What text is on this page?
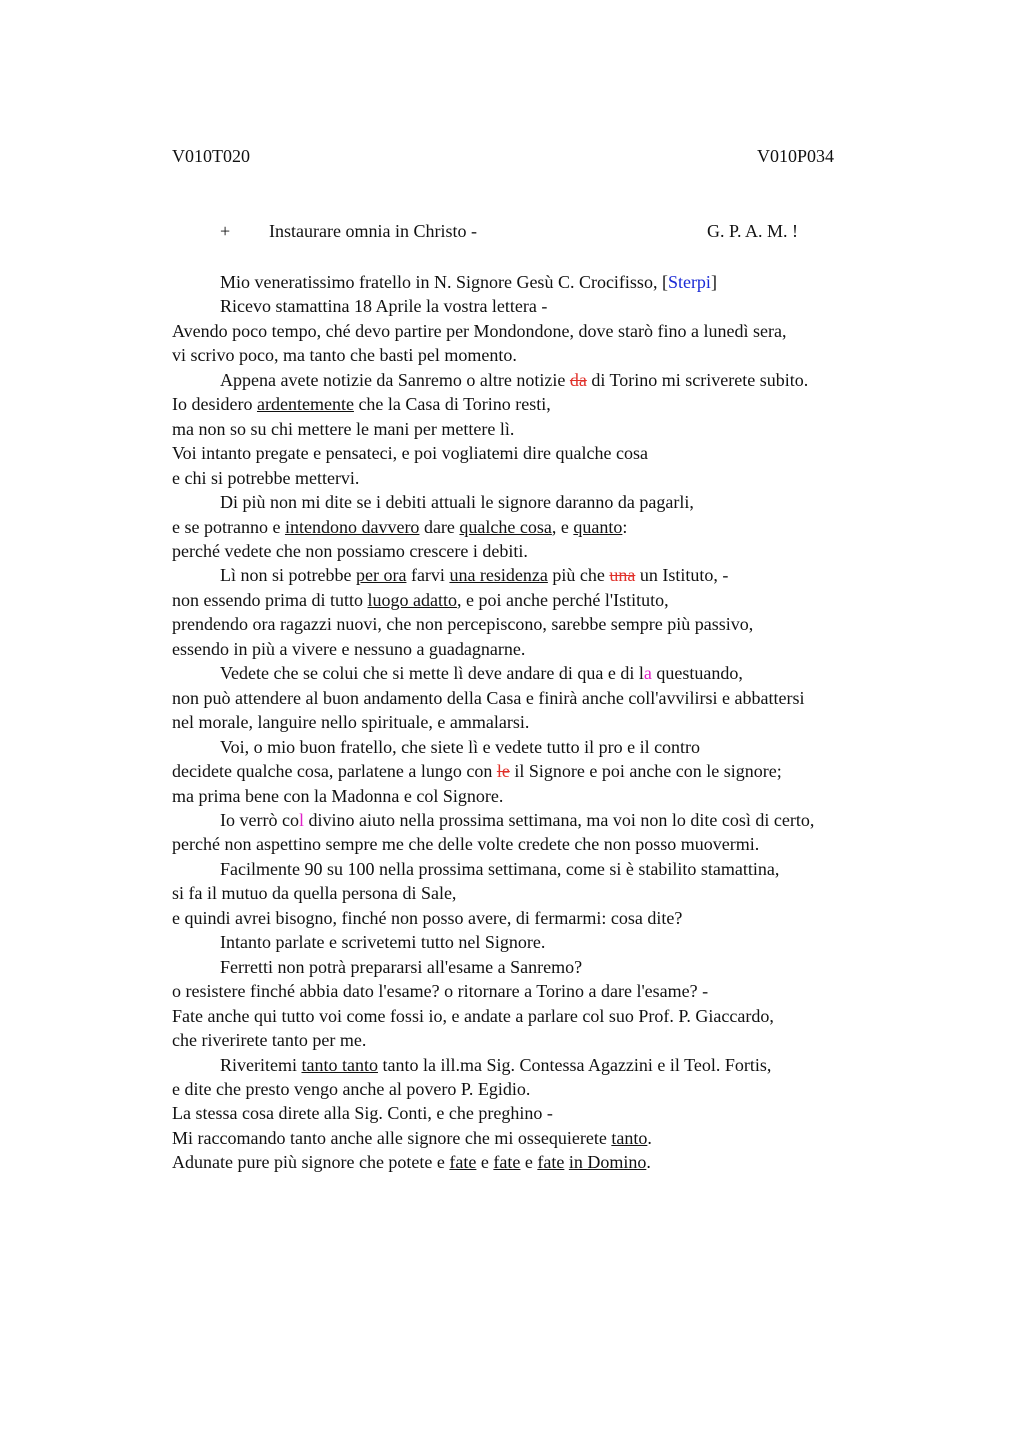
V010T020	V010P034
+ Instaurare omnia in Christo -	G. P. A. M. !
Mio veneratissimo fratello in N. Signore Gesù C. Crocifisso, [Sterpi]
Ricevo stamattina 18 Aprile la vostra lettera -
Avendo poco tempo, ché devo partire per Mondondone, dove starò fino a lunedì sera,
vi scrivo poco, ma tanto che basti pel momento.
Appena avete notizie da Sanremo o altre notizie da di Torino mi scriverete subito.
Io desidero ardentemente che la Casa di Torino resti,
ma non so su chi mettere le mani per mettere lì.
Voi intanto pregate e pensateci, e poi vogliatemi dire qualche cosa
e chi si potrebbe mettervi.
Di più non mi dite se i debiti attuali le signore daranno da pagarli,
e se potranno e intendono davvero dare qualche cosa, e quanto:
perché vedete che non possiamo crescere i debiti.
Lì non si potrebbe per ora farvi una residenza più che una un Istituto, -
non essendo prima di tutto luogo adatto, e poi anche perché l'Istituto,
prendendo ora ragazzi nuovi, che non percepiscono, sarebbe sempre più passivo,
essendo in più a vivere e nessuno a guadagnarne.
Vedete che se colui che si mette lì deve andare di qua e di la questuando,
non può attendere al buon andamento della Casa e finirà anche coll'avvilirsi e abbattersi
nel morale, languire nello spirituale, e ammalarsi.
Voi, o mio buon fratello, che siete lì e vedete tutto il pro e il contro
decidete qualche cosa, parlatene a lungo con le il Signore e poi anche con le signore;
ma prima bene con la Madonna e col Signore.
Io verrò col divino aiuto nella prossima settimana, ma voi non lo dite così di certo,
perché non aspettino sempre me che delle volte credete che non posso muovermi.
Facilmente 90 su 100 nella prossima settimana, come si è stabilito stamattina,
si fa il mutuo da quella persona di Sale,
e quindi avrei bisogno, finché non posso avere, di fermarmi: cosa dite?
Intanto parlate e scrivetemi tutto nel Signore.
Ferretti non potrà prepararsi all'esame a Sanremo?
o resistere finché abbia dato l'esame? o ritornare a Torino a dare l'esame? -
Fate anche qui tutto voi come fossi io, e andate a parlare col suo Prof. P. Giaccardo,
che riverirete tanto per me.
Riveritemi tanto tanto tanto la ill.ma Sig. Contessa Agazzini e il Teol. Fortis,
e dite che presto vengo anche al povero P. Egidio.
La stessa cosa direte alla Sig. Conti, e che preghino -
Mi raccomando tanto anche alle signore che mi ossequierete tanto.
Adunate pure più signore che potete e fate e fate e fate in Domino.
